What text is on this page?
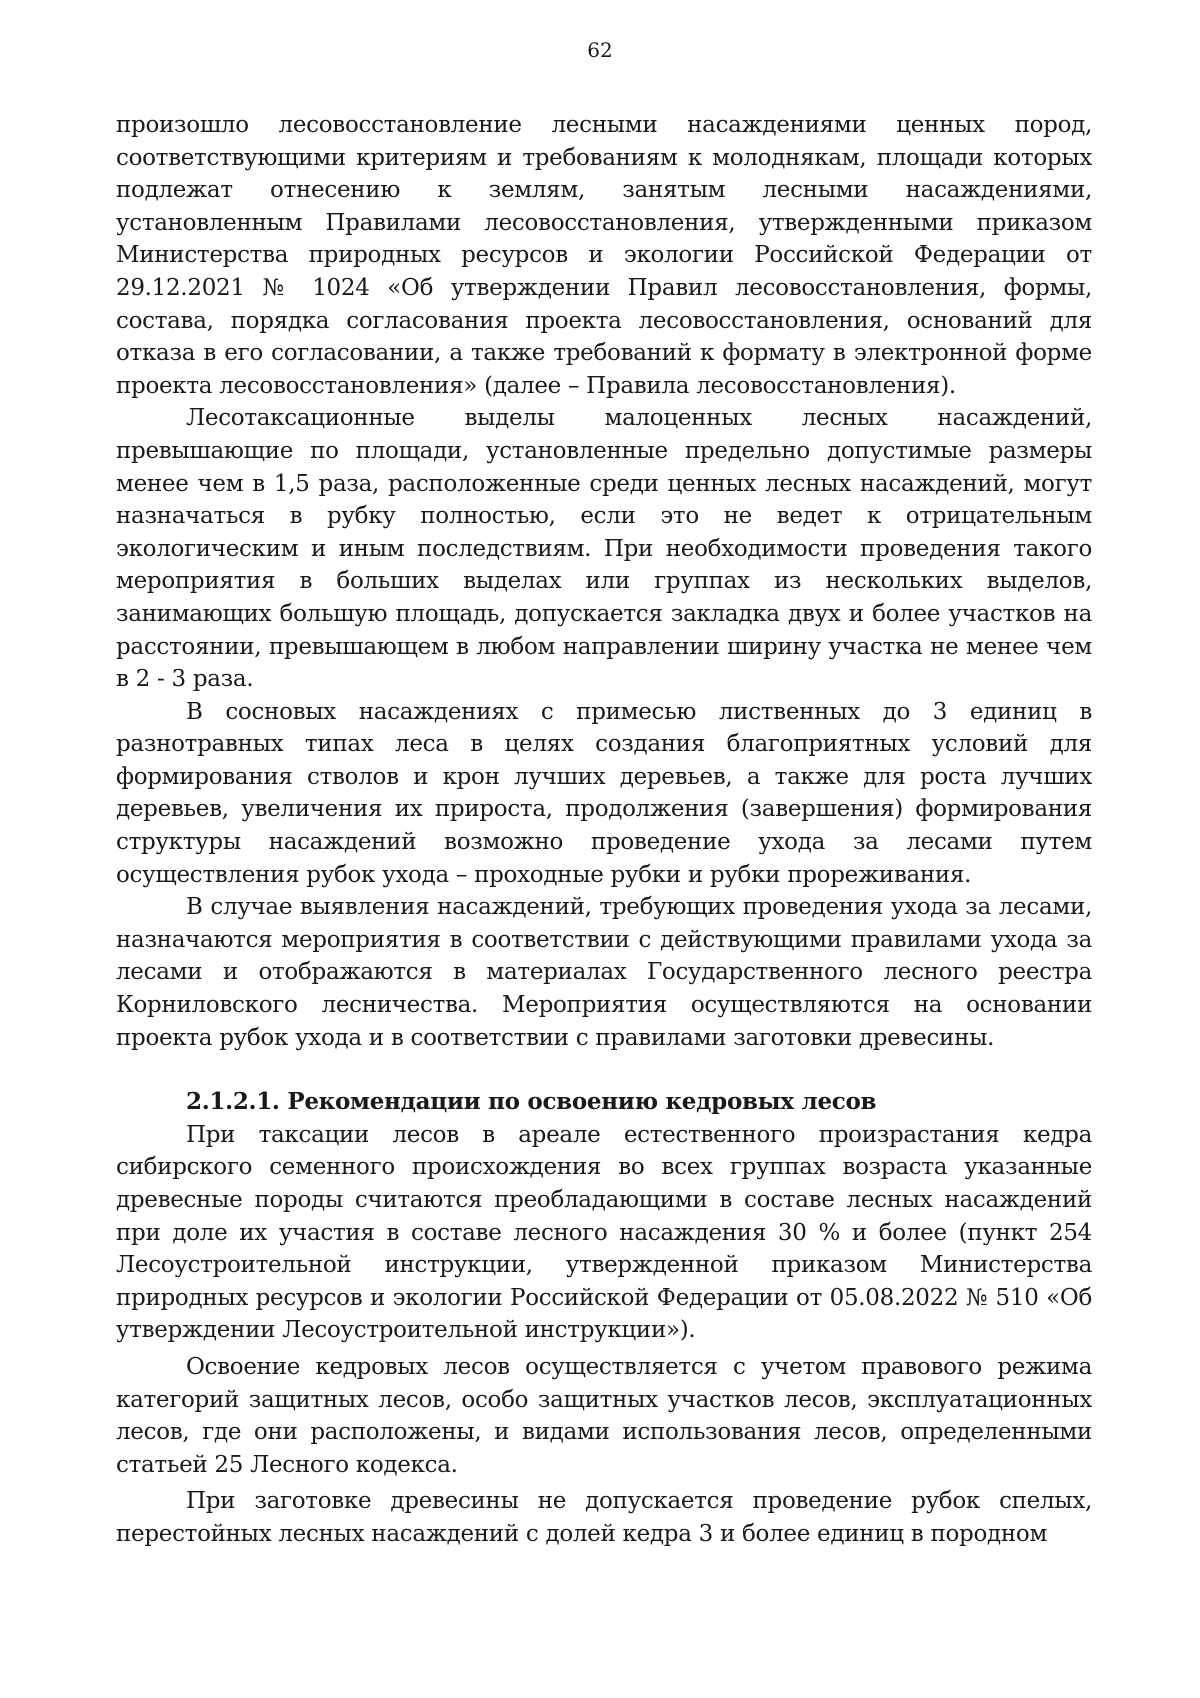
62

произошло лесовосстановление лесными насаждениями ценных пород, соответствующими критериям и требованиям к молоднякам, площади которых подлежат отнесению к землям, занятым лесными насаждениями, установленным Правилами лесовосстановления, утвержденными приказом Министерства природных ресурсов и экологии Российской Федерации от 29.12.2021 № 1024 «Об утверждении Правил лесовосстановления, формы, состава, порядка согласования проекта лесовосстановления, оснований для отказа в его согласовании, а также требований к формату в электронной форме проекта лесовосстановления» (далее – Правила лесовосстановления).

Лесотаксационные выделы малоценных лесных насаждений, превышающие по площади, установленные предельно допустимые размеры менее чем в 1,5 раза, расположенные среди ценных лесных насаждений, могут назначаться в рубку полностью, если это не ведет к отрицательным экологическим и иным последствиям. При необходимости проведения такого мероприятия в больших выделах или группах из нескольких выделов, занимающих большую площадь, допускается закладка двух и более участков на расстоянии, превышающем в любом направлении ширину участка не менее чем в 2 - 3 раза.

В сосновых насаждениях с примесью лиственных до 3 единиц в разнотравных типах леса в целях создания благоприятных условий для формирования стволов и крон лучших деревьев, а также для роста лучших деревьев, увеличения их прироста, продолжения (завершения) формирования структуры насаждений возможно проведение ухода за лесами путем осуществления рубок ухода – проходные рубки и рубки прореживания.

В случае выявления насаждений, требующих проведения ухода за лесами, назначаются мероприятия в соответствии с действующими правилами ухода за лесами и отображаются в материалах Государственного лесного реестра Корниловского лесничества. Мероприятия осуществляются на основании проекта рубок ухода и в соответствии с правилами заготовки древесины.

2.1.2.1. Рекомендации по освоению кедровых лесов

При таксации лесов в ареале естественного произрастания кедра сибирского семенного происхождения во всех группах возраста указанные древесные породы считаются преобладающими в составе лесных насаждений при доле их участия в составе лесного насаждения 30 % и более (пункт 254 Лесоустроительной инструкции, утвержденной приказом Министерства природных ресурсов и экологии Российской Федерации от 05.08.2022 № 510 «Об утверждении Лесоустроительной инструкции»).

Освоение кедровых лесов осуществляется с учетом правового режима категорий защитных лесов, особо защитных участков лесов, эксплуатационных лесов, где они расположены, и видами использования лесов, определенными статьей 25 Лесного кодекса.

При заготовке древесины не допускается проведение рубок спелых, перестойных лесных насаждений с долей кедра 3 и более единиц в породном
